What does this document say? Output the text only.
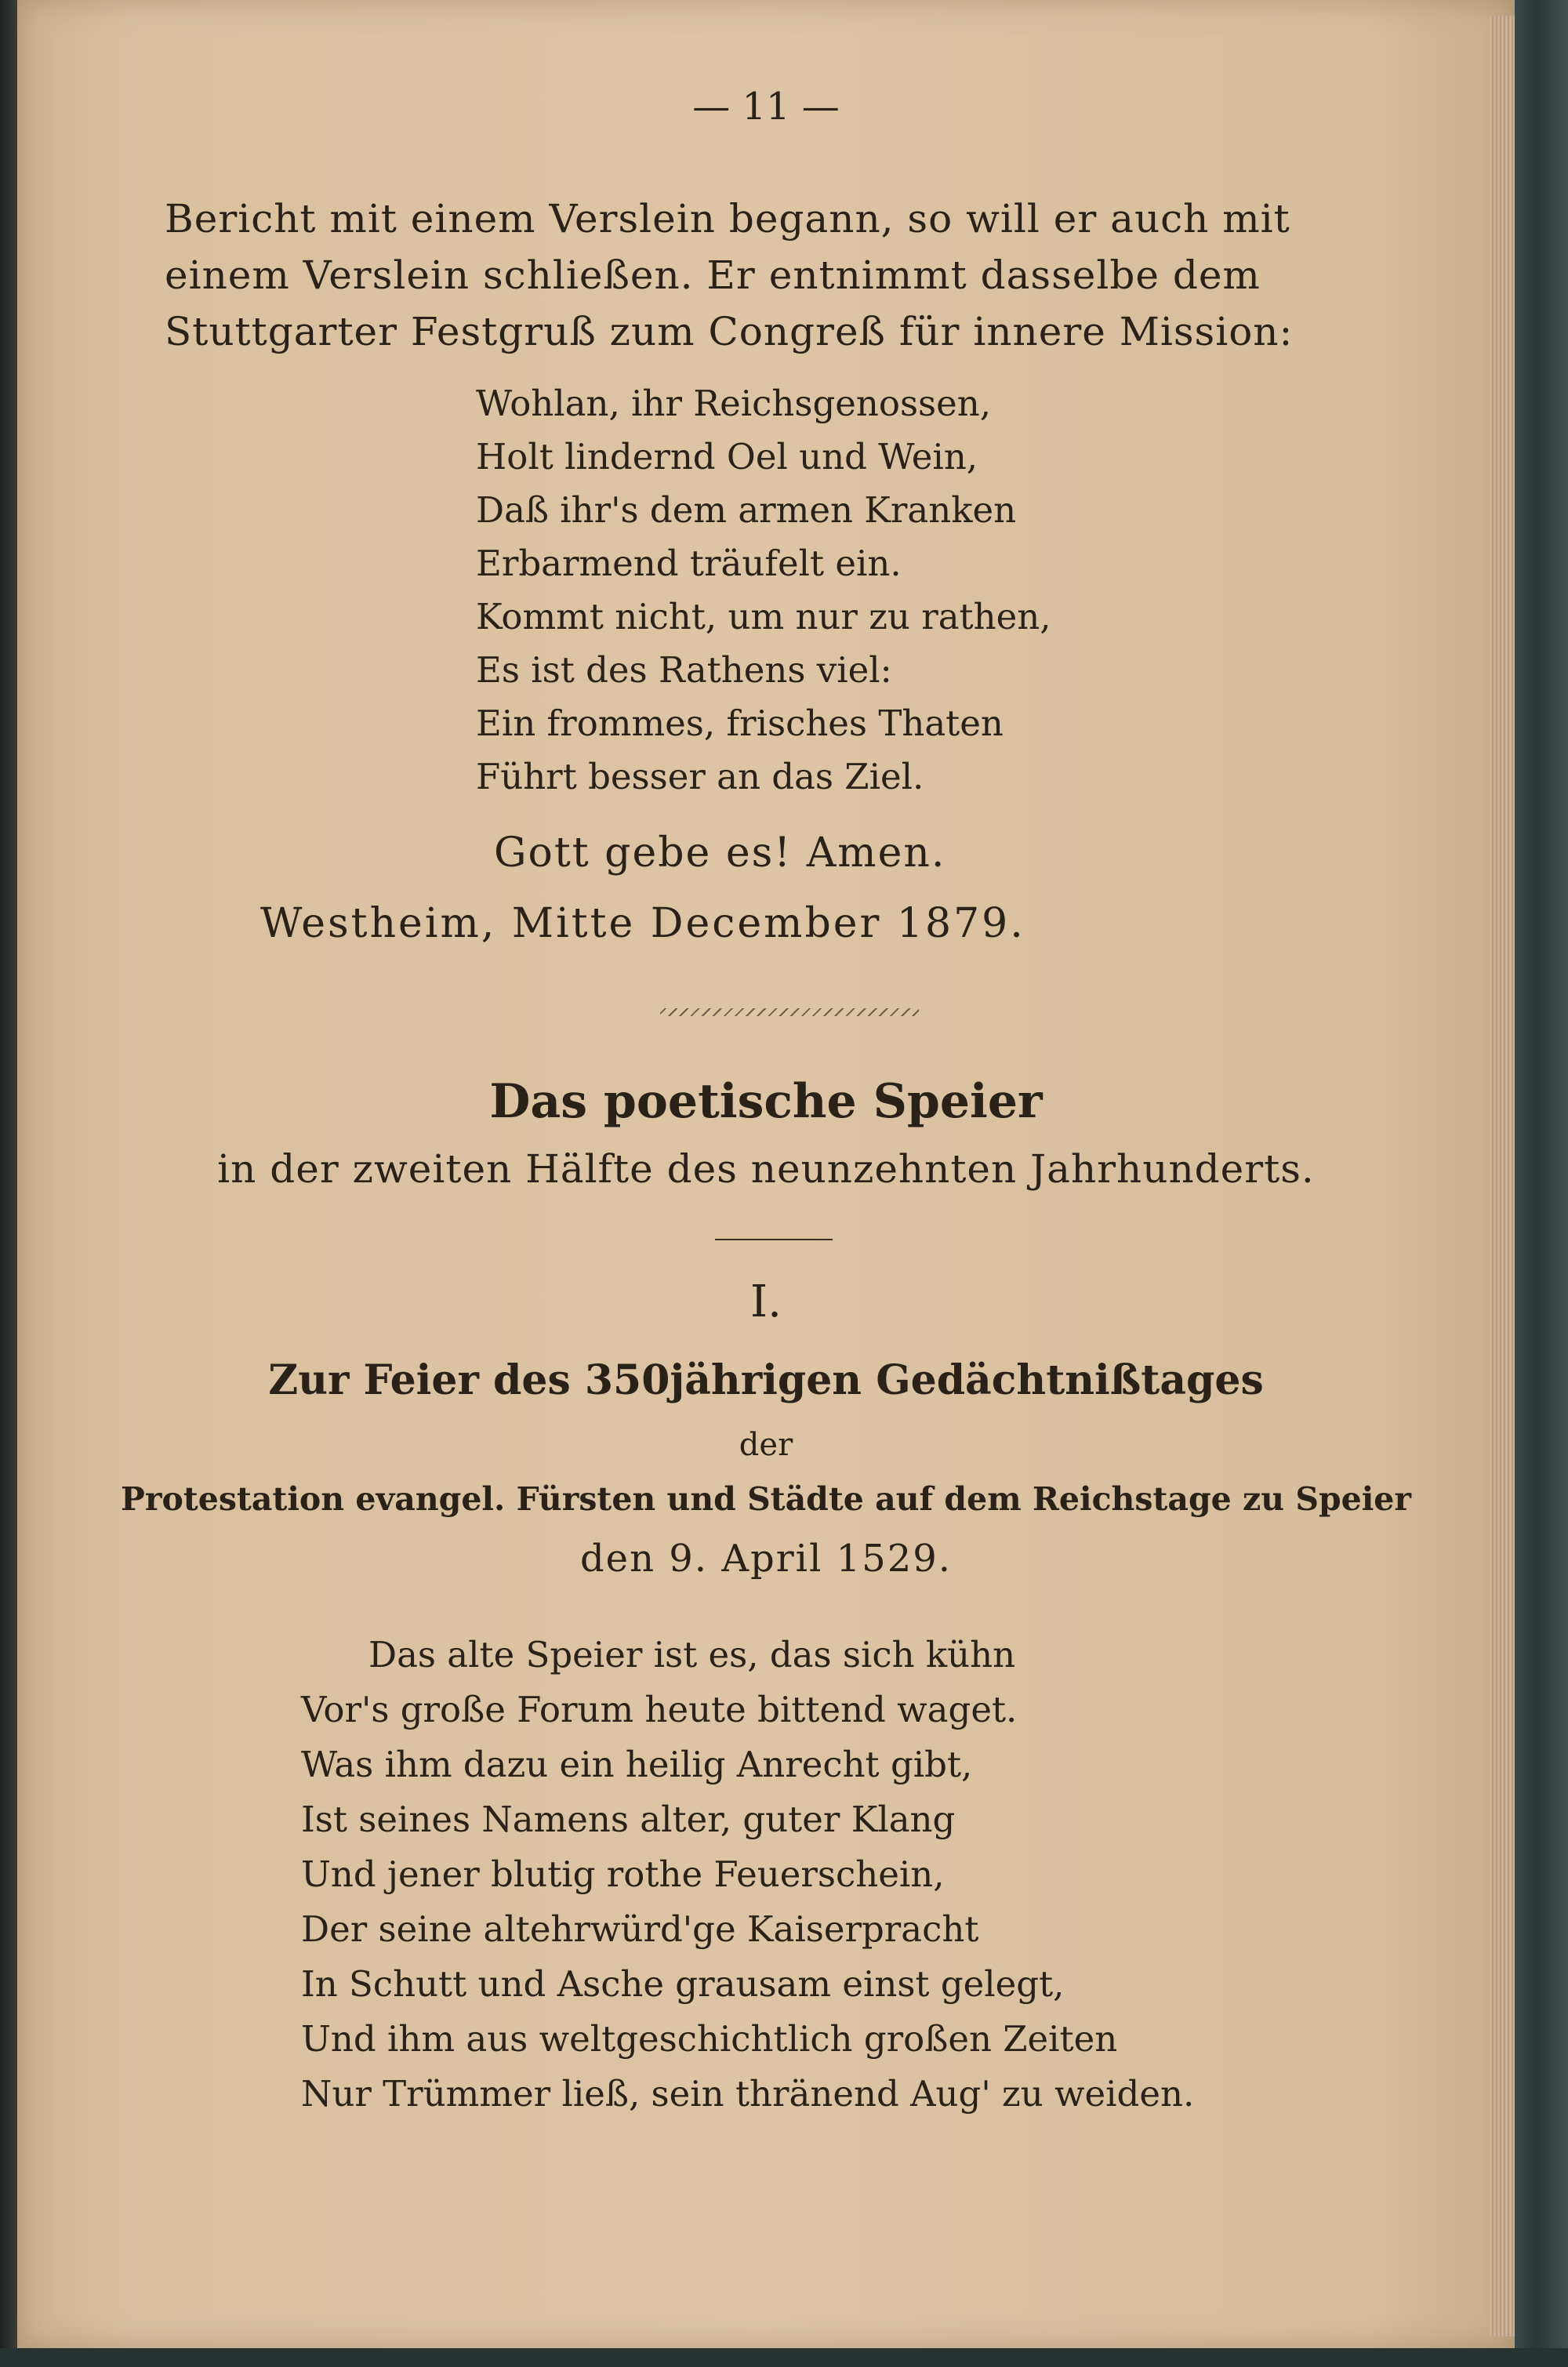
— 11 —
Bericht mit einem Verslein begann, so will er auch mit
einem Verslein schließen. Er entnimmt dasselbe dem
Stuttgarter Festgruß zum Congreß für innere Mission:
Wohlan, ihr Reichsgenossen,
Holt lindernd Oel und Wein,
Daß ihr's dem armen Kranken
Erbarmend träufelt ein.
Kommt nicht, um nur zu rathen,
Es ist des Rathens viel:
Ein frommes, frisches Thaten
Führt besser an das Ziel.
Gott gebe es! Amen.
Westheim, Mitte December 1879.
Das poetische Speier
in der zweiten Hälfte des neunzehnten Jahrhunderts.
I.
Zur Feier des 350jährigen Gedächtnißtages
der
Protestation evangel. Fürsten und Städte auf dem Reichstage zu Speier
den 9. April 1529.
Das alte Speier ist es, das sich kühn
Vor's große Forum heute bittend waget.
Was ihm dazu ein heilig Anrecht gibt,
Ist seines Namens alter, guter Klang
Und jener blutig rothe Feuerschein,
Der seine altehrwürd'ge Kaiserpracht
In Schutt und Asche grausam einst gelegt,
Und ihm aus weltgeschichtlich großen Zeiten
Nur Trümmer ließ, sein thränend Aug' zu weiden.
